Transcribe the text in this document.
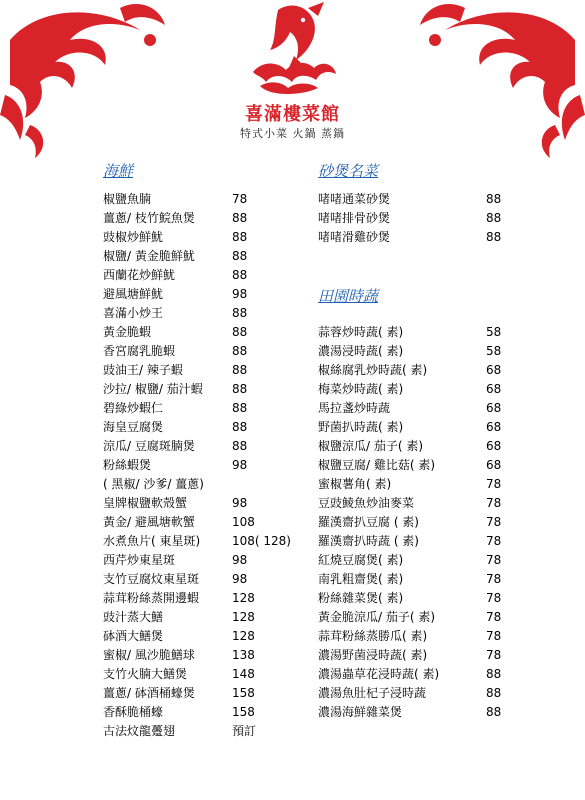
喜滿樓菜館
特式小菜 火鍋 蒸鍋
海鮮	砂煲名菜
田園時蔬
椒鹽魚腩	78
薑蔥/ 枝竹鯇魚煲	88
豉椒炒鮮魷	88
椒鹽/ 黃金脆鮮魷	88
西蘭花炒鮮魷	88
避風塘鮮魷	98
喜滿小炒王	88
黃金脆蝦	88
香宮腐乳脆蝦	88
豉油王/ 辣子蝦	88
沙拉/ 椒鹽/ 茄汁蝦 88
碧綠炒蝦仁	88
海皇豆腐煲	88
涼瓜/ 豆腐斑腩煲	88
粉絲蝦煲	98
( 黑椒/ 沙爹/ 薑蔥)
皇牌椒鹽軟殼蟹	98
黃金/ 避風塘軟蟹	108
水煮魚片( 東星斑)	108( 128)
西芹炒東星斑	98
支竹豆腐炆東星斑	98
蒜茸粉絲蒸開邊蝦	128
豉汁蒸大鱔	128
砵酒大鱔煲	128
蜜椒/ 風沙脆鱔球	138
支竹火腩大鱔煲	148
薑蔥/ 砵酒桶蠔煲	158
香酥脆桶蠔	158
古法炆龍躉翅	預訂
啫啫通菜砂煲	88
啫啫排骨砂煲	88
啫啫滑雞砂煲	88
蒜蓉炒時蔬( 素)	58
濃湯浸時蔬( 素)	58
椒絲腐乳炒時蔬( 素)	68
梅菜炒時蔬( 素)	68
馬拉盞炒時蔬	68
野菌扒時蔬( 素)	68
椒鹽涼瓜/ 茄子( 素)	68
椒鹽豆腐/ 雞比菇( 素)	68
蜜椒薯角( 素)	78
豆豉鯪魚炒油麥菜	78
羅漢齋扒豆腐 ( 素)	78
羅漢齋扒時蔬 ( 素)	78
紅燒豆腐煲( 素)	78
南乳粗齋煲( 素)	78
粉絲雜菜煲( 素)	78
黃金脆涼瓜/ 茄子( 素)	78
蒜茸粉絲蒸勝瓜( 素)	78
濃湯野菌浸時蔬( 素)	78
濃湯蟲草花浸時蔬( 素)	88
濃湯魚肚杞子浸時蔬	88
濃湯海鮮雜菜煲	88
